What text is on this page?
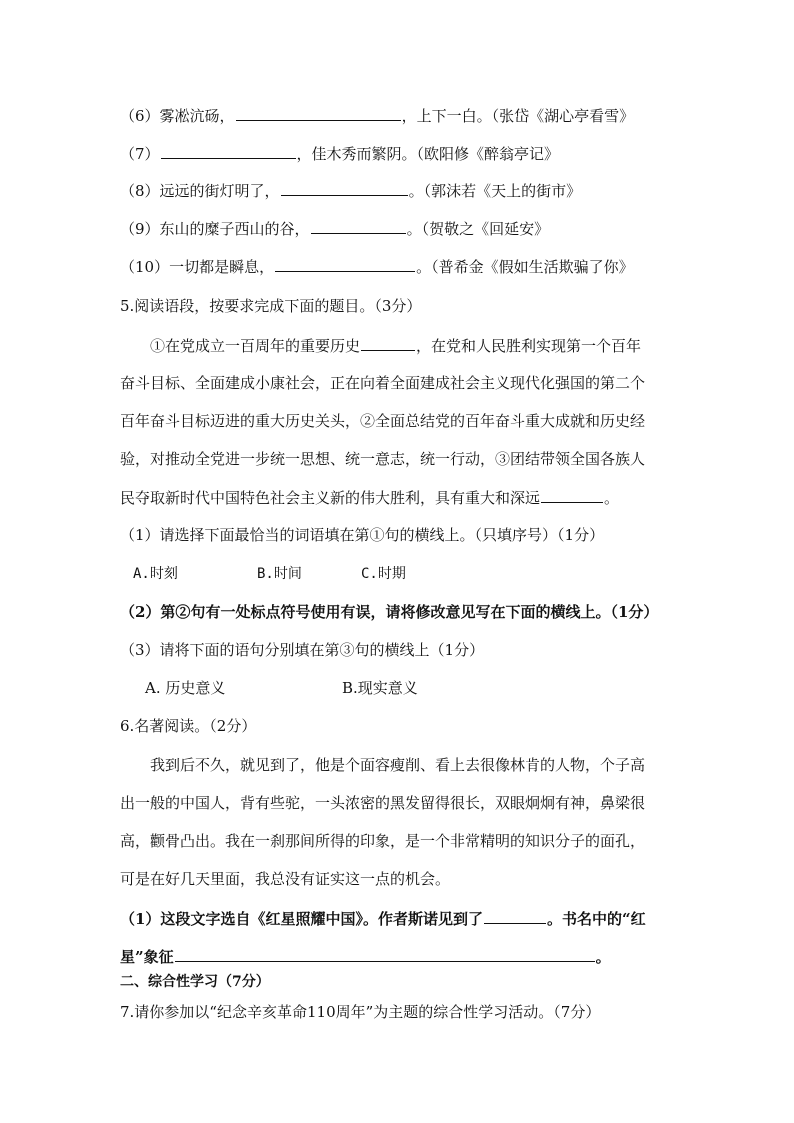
（6）雾凇沆砀，	，上下一白。（张岱《湖心亭看雪》
（7）	，佳木秀而繁阴。（欧阳修《醉翁亭记》
（8）远远的街灯明了，	。（郭沫若《天上的街市》
（9）东山的糜子西山的谷，	。（贺敬之《回延安》
（10）一切都是瞬息，	。（普希金《假如生活欺骗了你》
5.阅读语段，按要求完成下面的题目。（3分）
①在党成立一百周年的重要历史	，在党和人民胜利实现第一个百年
奋斗目标、全面建成小康社会，正在向着全面建成社会主义现代化强国的第二个
百年奋斗目标迈进的重大历史关头，②全面总结党的百年奋斗重大成就和历史经
验，对推动全党进一步统一思想、统一意志，统一行动，③团结带领全国各族人
民夺取新时代中国特色社会主义新的伟大胜利，具有重大和深远	。
（1）请选择下面最恰当的词语填在第①句的横线上。（只填序号）（1分）
A.时刻	B.时间	C.时期
（2）第②句有一处标点符号使用有误，请将修改意见写在下面的横线上。（1分）
（3）请将下面的语句分别填在第③句的横线上（1分）
A. 历史意义	B.现实意义
6.名著阅读。（2分）
我到后不久，就见到了，他是个面容瘦削、看上去很像林肯的人物，个子高
出一般的中国人，背有些驼，一头浓密的黑发留得很长，双眼炯炯有神，鼻梁很
高，颧骨凸出。我在一刹那间所得的印象，是一个非常精明的知识分子的面孔，
可是在好几天里面，我总没有证实这一点的机会。
（1）这段文字选自《红星照耀中国》。作者斯诺见到了	。书名中的“红
星”象征	。
二、综合性学习（7分）
7.请你参加以“纪念辛亥革命110周年”为主题的综合性学习活动。（7分）
